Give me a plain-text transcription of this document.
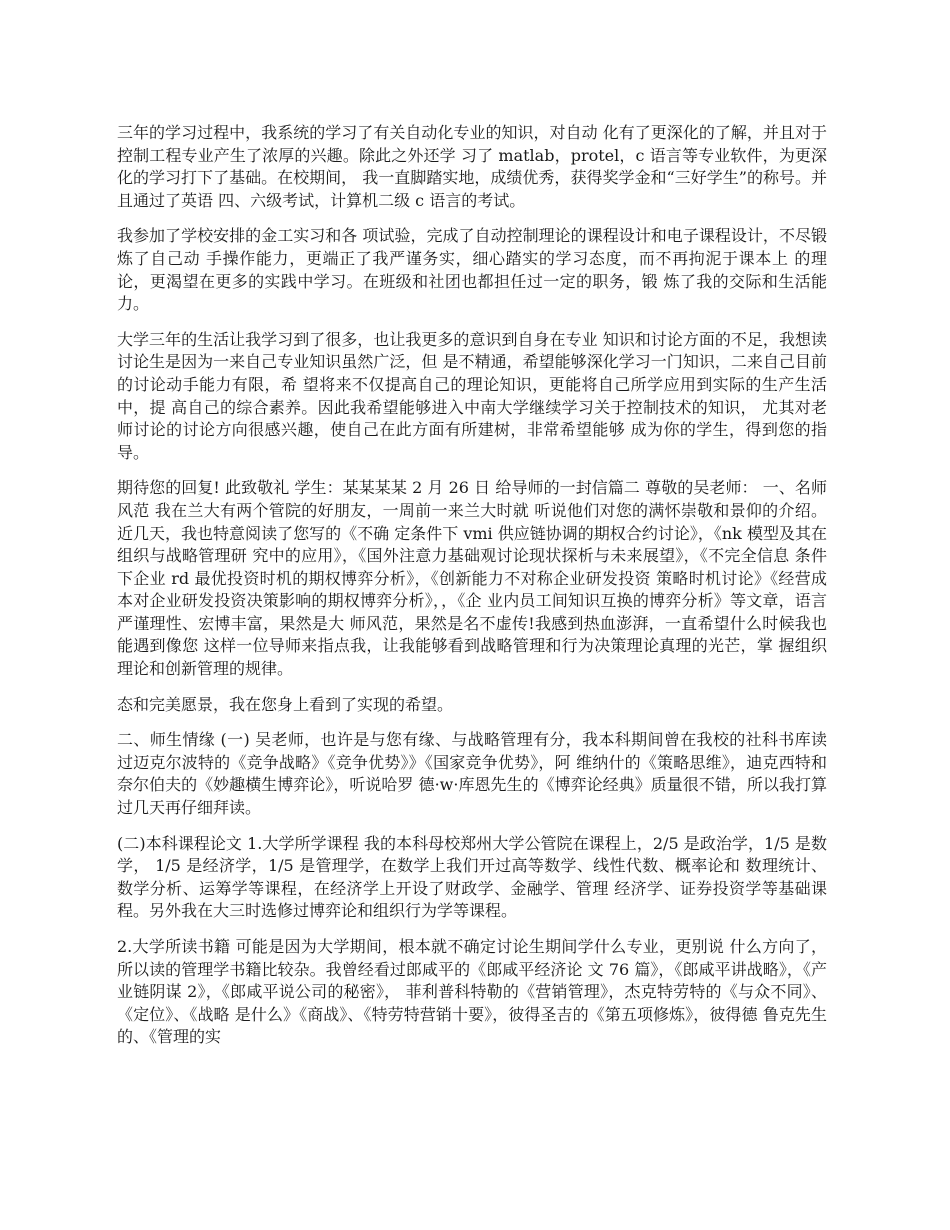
三年的学习过程中，我系统的学习了有关自动化专业的知识，对自动 化有了更深化的了解，并且对于控制工程专业产生了浓厚的兴趣。除此之外还学 习了 matlab，protel，c 语言等专业软件，为更深化的学习打下了基础。在校期间， 我一直脚踏实地，成绩优秀，获得奖学金和“三好学生”的称号。并且通过了英语 四、六级考试，计算机二级 c 语言的考试。

我参加了学校安排的金工实习和各 项试验，完成了自动控制理论的课程设计和电子课程设计，不尽锻炼了自己动 手操作能力，更端正了我严谨务实，细心踏实的学习态度，而不再拘泥于课本上 的理论，更渴望在更多的实践中学习。在班级和社团也都担任过一定的职务，锻 炼了我的交际和生活能力。

大学三年的生活让我学习到了很多，也让我更多的意识到自身在专业 知识和讨论方面的不足，我想读讨论生是因为一来自己专业知识虽然广泛，但 是不精通，希望能够深化学习一门知识，二来自己目前的讨论动手能力有限，希 望将来不仅提高自己的理论知识，更能将自己所学应用到实际的生产生活中，提 高自己的综合素养。因此我希望能够进入中南大学继续学习关于控制技术的知识， 尤其对老师讨论的讨论方向很感兴趣，使自己在此方面有所建树，非常希望能够 成为你的学生，得到您的指导。

期待您的回复! 此致敬礼 学生：某某某某 2 月 26 日 给导师的一封信篇二 尊敬的吴老师： 一、名师风范 我在兰大有两个管院的好朋友，一周前一来兰大时就 听说他们对您的满怀崇敬和景仰的介绍。近几天，我也特意阅读了您写的《不确 定条件下 vmi 供应链协调的期权合约讨论》，《nk 模型及其在组织与战略管理研 究中的应用》，《国外注意力基础观讨论现状探析与未来展望》，《不完全信息 条件下企业 rd 最优投资时机的期权博弈分析》，《创新能力不对称企业研发投资 策略时机讨论》《经营成本对企业研发投资决策影响的期权博弈分析》，，《企 业内员工间知识互换的博弈分析》等文章，语言严谨理性、宏博丰富，果然是大 师风范，果然是名不虚传!我感到热血澎湃，一直希望什么时候我也能遇到像您 这样一位导师来指点我，让我能够看到战略管理和行为决策理论真理的光芒，掌 握组织理论和创新管理的规律。

态和完美愿景，我在您身上看到了实现的希望。

二、师生情缘 (一) 吴老师，也许是与您有缘、与战略管理有分，我本科期间曾在我校的社科书库读过迈克尔波特的《竞争战略》《竞争优势》》《国家竞争优势》，阿 维纳什的《策略思维》，迪克西特和奈尔伯夫的《妙趣横生博弈论》，听说哈罗 德·w·库恩先生的《博弈论经典》质量很不错，所以我打算过几天再仔细拜读。

(二)本科课程论文 1.大学所学课程 我的本科母校郑州大学公管院在课程上，2/5 是政治学，1/5 是数学， 1/5 是经济学，1/5 是管理学，在数学上我们开过高等数学、线性代数、概率论和 数理统计、数学分析、运筹学等课程，在经济学上开设了财政学、金融学、管理 经济学、证券投资学等基础课程。另外我在大三时选修过博弈论和组织行为学等课程。

2.大学所读书籍 可能是因为大学期间，根本就不确定讨论生期间学什么专业，更别说 什么方向了，所以读的管理学书籍比较杂。我曾经看过郎咸平的《郎咸平经济论 文 76 篇》，《郎咸平讲战略》，《产业链阴谋 2》，《郎咸平说公司的秘密》， 菲利普科特勒的《营销管理》，杰克特劳特的《与众不同》、《定位》、《战略 是什么》《商战》、《特劳特营销十要》，彼得圣吉的《第五项修炼》，彼得德 鲁克先生的、《管理的实
